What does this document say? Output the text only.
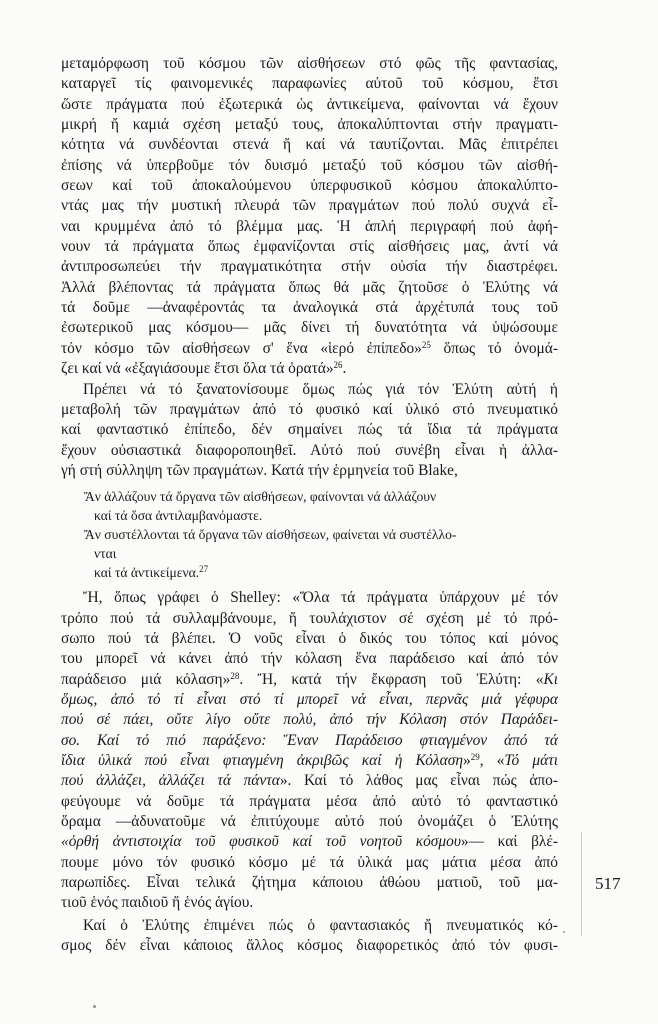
μεταμόρφωση τοῦ κόσμου τῶν αἰσθήσεων στό φῶς τῆς φαντασίας,
καταργεῖ τίς φαινομενικές παραφωνίες αὐτοῦ τοῦ κόσμου, ἔτσι
ὥστε πράγματα πού ἐξωτερικά ὡς ἀντικείμενα, φαίνονται νά ἔχουν
μικρή ἤ καμιά σχέση μεταξύ τους, ἀποκαλύπτονται στήν πραγματι-
κότητα νά συνδέονται στενά ἤ καί νά ταυτίζονται. Μᾶς ἐπιτρέπει
ἐπίσης νά ὑπερβοῦμε τόν δυισμό μεταξύ τοῦ κόσμου τῶν αἰσθή-
σεων καί τοῦ ἀποκαλούμενου ὑπερφυσικοῦ κόσμου ἀποκαλύπτο-
ντάς μας τήν μυστική πλευρά τῶν πραγμάτων πού πολύ συχνά εἶ-
ναι κρυμμένα ἀπό τό βλέμμα μας. Ἡ ἁπλή περιγραφή πού ἀφή-
νουν τά πράγματα ὅπως ἐμφανίζονται στίς αἰσθήσεις μας, ἀντί νά
ἀντιπροσωπεύει τήν πραγματικότητα στήν οὐσία τήν διαστρέφει.
Ἀλλά βλέποντας τά πράγματα ὅπως θά μᾶς ζητοῦσε ὁ Ἐλύτης νά
τά δοῦμε —ἀναφέροντάς τα ἀναλογικά στά ἀρχέτυπά τους τοῦ
ἐσωτερικοῦ μας κόσμου— μᾶς δίνει τή δυνατότητα νά ὑψώσουμε
τόν κόσμο τῶν αἰσθήσεων σ' ἕνα «ἱερό ἐπίπεδο»$^{25}$ ὅπως τό ὀνομά-
ζει καί νά «ἐξαγιάσουμε ἔτσι ὅλα τά ὁρατά»$^{26}$.
Πρέπει νά τό ξανατονίσουμε ὅμως πώς γιά τόν Ἐλύτη αὐτή ἡ
μεταβολή τῶν πραγμάτων ἀπό τό φυσικό καί ὑλικό στό πνευματικό
καί φανταστικό ἐπίπεδο, δέν σημαίνει πώς τά ἴδια τά πράγματα
ἔχουν οὐσιαστικά διαφοροποιηθεῖ. Αὐτό πού συνέβη εἶναι ἡ ἀλλα-
γή στή σύλληψη τῶν πραγμάτων. Κατά τήν ἑρμηνεία τοῦ Blake,
Ἄν ἀλλάζουν τά ὄργανα τῶν αἰσθήσεων, φαίνονται νά ἀλλάζουν
καί τά ὅσα ἀντιλαμβανόμαστε.
Ἄν συστέλλονται τά ὄργανα τῶν αἰσθήσεων, φαίνεται νά συστέλλο-
νται
καί τά ἀντικείμενα.$^{27}$
Ἤ, ὅπως γράφει ὁ Shelley: «Ὅλα τά πράγματα ὑπάρχουν μέ τόν
τρόπο πού τά συλλαμβάνουμε, ἤ τουλάχιστον σέ σχέση μέ τό πρό-
σωπο πού τά βλέπει. Ὁ νοῦς εἶναι ὁ δικός του τόπος καί μόνος
του μπορεῖ νά κάνει ἀπό τήν κόλαση ἕνα παράδεισο καί ἀπό τόν
παράδεισο μιά κόλαση»$^{28}$. Ἤ, κατά τήν ἔκφραση τοῦ Ἐλύτη: «Κι
ὅμως, ἀπό τό τί εἶναι στό τί μπορεῖ νά εἶναι, περνᾶς μιά γέφυρα
πού σέ πάει, οὔτε λίγο οὔτε πολύ, ἀπό τήν Κόλαση στόν Παράδει-
σο. Καί τό πιό παράξενο: Ἕναν Παράδεισο φτιαγμένον ἀπό τά
ἴδια ὑλικά πού εἶναι φτιαγμένη ἀκριβῶς καί ἡ Κόλαση»$^{29}$, «Τό μάτι
πού ἀλλάζει, ἀλλάζει τά πάντα». Καί τό λάθος μας εἶναι πώς ἀπο-
φεύγουμε νά δοῦμε τά πράγματα μέσα ἀπό αὐτό τό φανταστικό
ὅραμα —ἀδυνατοῦμε νά ἐπιτύχουμε αὐτό πού ὀνομάζει ὁ Ἐλύτης
«ὀρθή ἀντιστοιχία τοῦ φυσικοῦ καί τοῦ νοητοῦ κόσμου»— καί βλέ-
πουμε μόνο τόν φυσικό κόσμο μέ τά ὑλικά μας μάτια μέσα ἀπό
παρωπίδες. Εἶναι τελικά ζήτημα κάποιου ἀθώου ματιοῦ, τοῦ μα-
τιοῦ ἑνός παιδιοῦ ἤ ἑνός ἁγίου.
Καί ὁ Ἐλύτης ἐπιμένει πώς ὁ φαντασιακός ἤ πνευματικός κό-
σμος δέν εἶναι κάποιος ἄλλος κόσμος διαφορετικός ἀπό τόν φυσι-
517
